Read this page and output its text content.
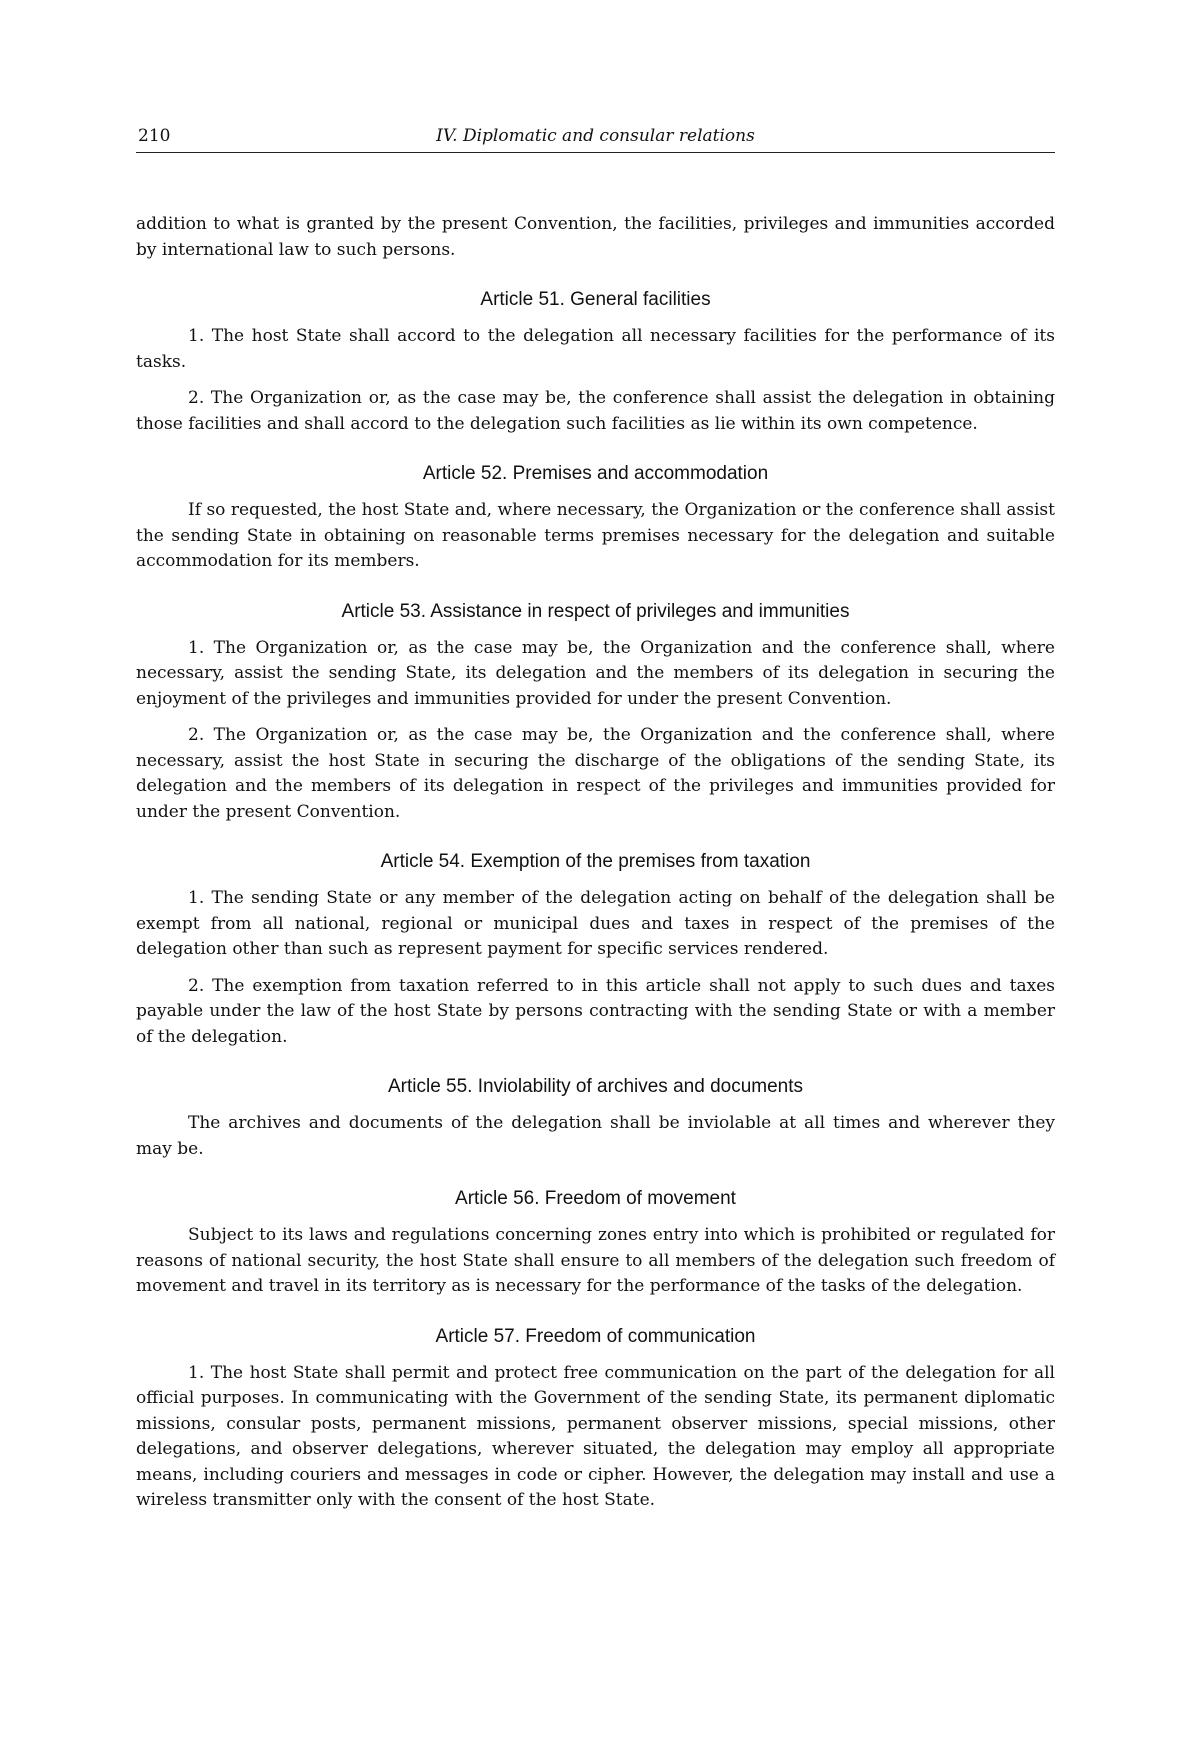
210	IV. Diplomatic and consular relations

addition to what is granted by the present Convention, the facilities, privileges and immunities accorded by international law to such persons.

Article 51. General facilities

1. The host State shall accord to the delegation all necessary facilities for the performance of its tasks.

2. The Organization or, as the case may be, the conference shall assist the delegation in obtaining those facilities and shall accord to the delegation such facilities as lie within its own competence.

Article 52. Premises and accommodation

If so requested, the host State and, where necessary, the Organization or the conference shall assist the sending State in obtaining on reasonable terms premises necessary for the delegation and suitable accommodation for its members.

Article 53. Assistance in respect of privileges and immunities

1. The Organization or, as the case may be, the Organization and the conference shall, where necessary, assist the sending State, its delegation and the members of its delegation in securing the enjoyment of the privileges and immunities provided for under the present Convention.

2. The Organization or, as the case may be, the Organization and the conference shall, where necessary, assist the host State in securing the discharge of the obligations of the sending State, its delegation and the members of its delegation in respect of the privileges and immunities provided for under the present Convention.

Article 54. Exemption of the premises from taxation

1. The sending State or any member of the delegation acting on behalf of the delegation shall be exempt from all national, regional or municipal dues and taxes in respect of the premises of the delegation other than such as represent payment for specific services rendered.

2. The exemption from taxation referred to in this article shall not apply to such dues and taxes payable under the law of the host State by persons contracting with the sending State or with a member of the delegation.

Article 55. Inviolability of archives and documents

The archives and documents of the delegation shall be inviolable at all times and wherever they may be.

Article 56. Freedom of movement

Subject to its laws and regulations concerning zones entry into which is prohibited or regulated for reasons of national security, the host State shall ensure to all members of the delegation such freedom of movement and travel in its territory as is necessary for the performance of the tasks of the delegation.

Article 57. Freedom of communication

1. The host State shall permit and protect free communication on the part of the delegation for all official purposes. In communicating with the Government of the sending State, its permanent diplomatic missions, consular posts, permanent missions, permanent observer missions, special missions, other delegations, and observer delegations, wherever situated, the delegation may employ all appropriate means, including couriers and messages in code or cipher. However, the delegation may install and use a wireless transmitter only with the consent of the host State.
